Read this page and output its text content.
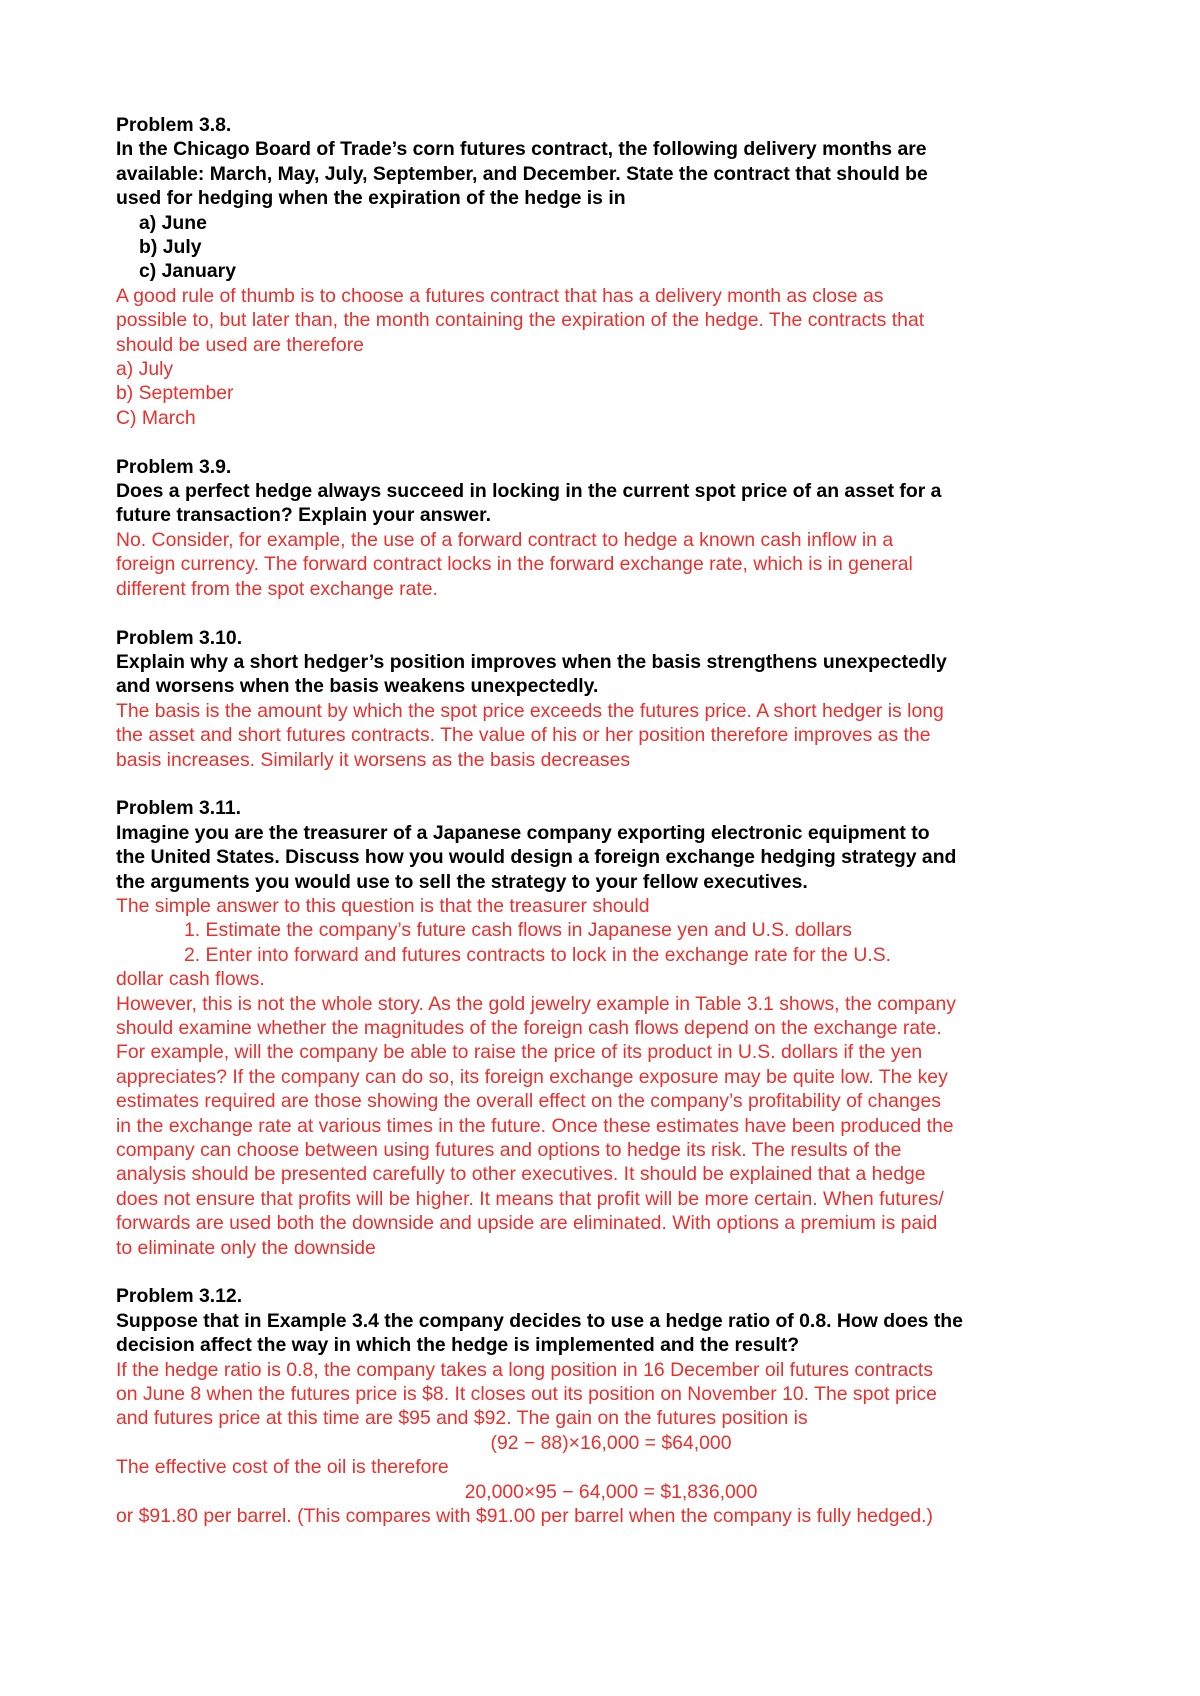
Problem 3.8.
In the Chicago Board of Trade’s corn futures contract, the following delivery months are
available: March, May, July, September, and December. State the contract that should be
used for hedging when the expiration of the hedge is in
a) June
b) July
c) January
A good rule of thumb is to choose a futures contract that has a delivery month as close as
possible to, but later than, the month containing the expiration of the hedge. The contracts that
should be used are therefore
a) July
b) September
C) March
Problem 3.9.
Does a perfect hedge always succeed in locking in the current spot price of an asset for a
future transaction? Explain your answer.
No. Consider, for example, the use of a forward contract to hedge a known cash inflow in a
foreign currency. The forward contract locks in the forward exchange rate, which is in general
different from the spot exchange rate.
Problem 3.10.
Explain why a short hedger’s position improves when the basis strengthens unexpectedly
and worsens when the basis weakens unexpectedly.
The basis is the amount by which the spot price exceeds the futures price. A short hedger is long
the asset and short futures contracts. The value of his or her position therefore improves as the
basis increases. Similarly it worsens as the basis decreases
Problem 3.11.
Imagine you are the treasurer of a Japanese company exporting electronic equipment to
the United States. Discuss how you would design a foreign exchange hedging strategy and
the arguments you would use to sell the strategy to your fellow executives.
The simple answer to this question is that the treasurer should
1. Estimate the company’s future cash flows in Japanese yen and U.S. dollars
2. Enter into forward and futures contracts to lock in the exchange rate for the U.S.
dollar cash flows.
However, this is not the whole story. As the gold jewelry example in Table 3.1 shows, the company
should examine whether the magnitudes of the foreign cash flows depend on the exchange rate.
For example, will the company be able to raise the price of its product in U.S. dollars if the yen
appreciates? If the company can do so, its foreign exchange exposure may be quite low. The key
estimates required are those showing the overall effect on the company’s profitability of changes
in the exchange rate at various times in the future. Once these estimates have been produced the
company can choose between using futures and options to hedge its risk. The results of the
analysis should be presented carefully to other executives. It should be explained that a hedge
does not ensure that profits will be higher. It means that profit will be more certain. When futures/
forwards are used both the downside and upside are eliminated. With options a premium is paid
to eliminate only the downside
Problem 3.12.
Suppose that in Example 3.4 the company decides to use a hedge ratio of 0.8. How does the
decision affect the way in which the hedge is implemented and the result?
If the hedge ratio is 0.8, the company takes a long position in 16 December oil futures contracts
on June 8 when the futures price is $8. It closes out its position on November 10. The spot price
and futures price at this time are $95 and $92. The gain on the futures position is
(92 − 88)×16,000 = $64,000
The effective cost of the oil is therefore
20,000×95 − 64,000 = $1,836,000
or $91.80 per barrel. (This compares with $91.00 per barrel when the company is fully hedged.)
